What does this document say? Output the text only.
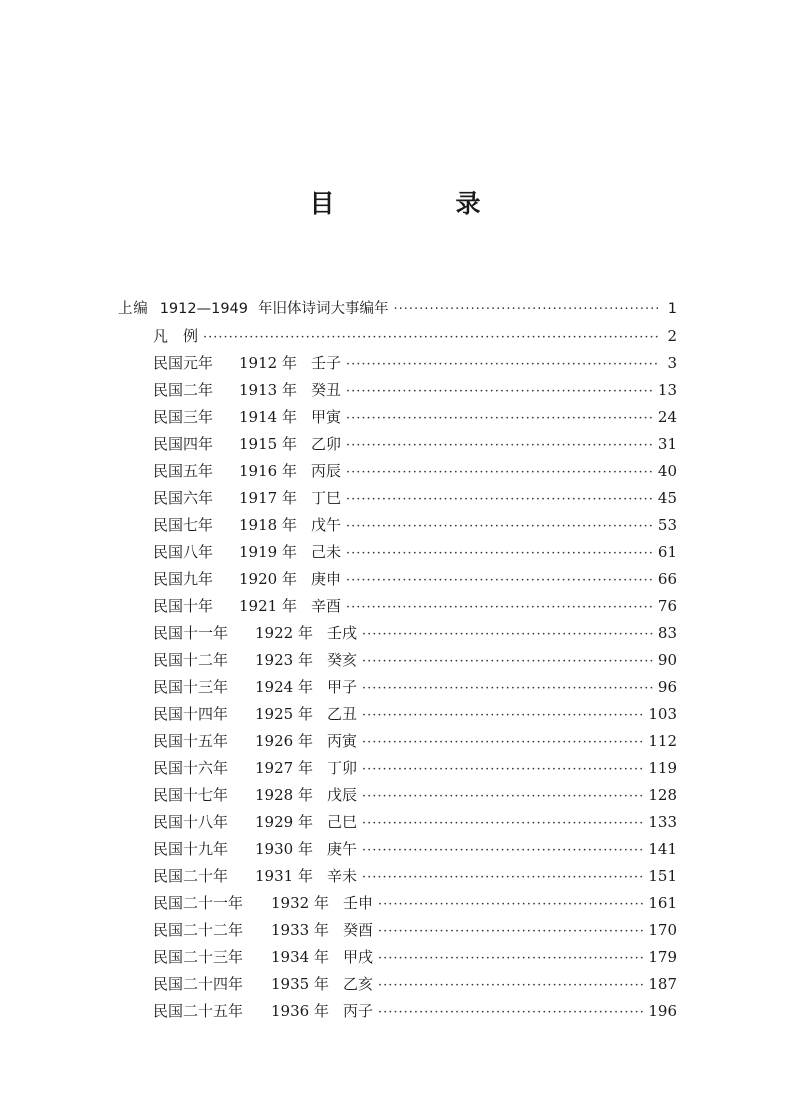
目　录
上 编 1912—1949 年旧体诗词大事编年 ·····	1
凡　例 ·····	2
民国元年	1912 年 壬子 ·····	3
民国二年	1913 年 癸丑 ·····	13
民国三年	1914 年 甲寅 ·····	24
民国四年	1915 年 乙卯 ·····	31
民国五年	1916 年 丙辰 ·····	40
民国六年	1917 年 丁巳 ·····	45
民国七年	1918 年 戊午 ·····	53
民国八年	1919 年 己未 ·····	61
民国九年	1920 年 庚申 ·····	66
民国十年	1921 年 辛酉 ·····	76
民国十一年	1922 年 壬戌 ·····	83
民国十二年	1923 年 癸亥 ·····	90
民国十三年	1924 年 甲子 ·····	96
民国十四年	1925 年 乙丑 ·····	103
民国十五年	1926 年 丙寅 ·····	112
民国十六年	1927 年 丁卯 ·····	119
民国十七年	1928 年 戊辰 ·····	128
民国十八年	1929 年 己巳 ·····	133
民国十九年	1930 年 庚午 ·····	141
民国二十年	1931 年 辛未 ·····	151
民国二十一年	1932 年 壬申 ·····	161
民国二十二年	1933 年 癸酉 ·····	170
民国二十三年	1934 年 甲戌 ·····	179
民国二十四年	1935 年 乙亥 ·····	187
民国二十五年	1936 年 丙子 ·····	196
